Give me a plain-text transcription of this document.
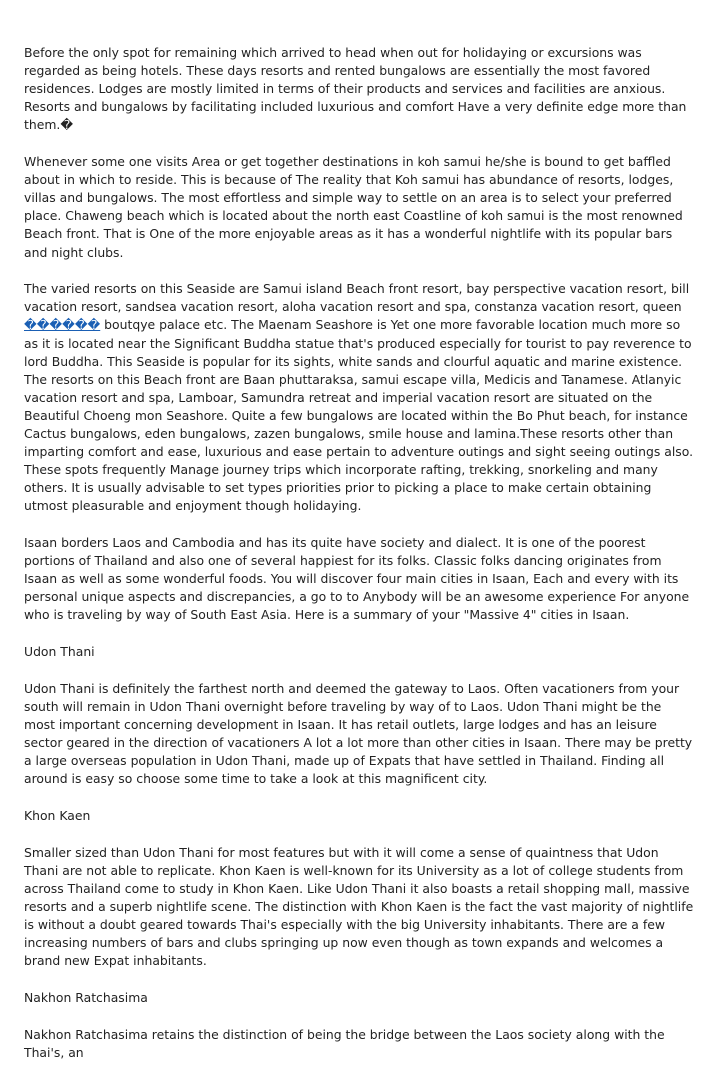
Before the only spot for remaining which arrived to head when out for holidaying or excursions was regarded as being hotels. These days resorts and rented bungalows are essentially the most favored residences. Lodges are mostly limited in terms of their products and services and facilities are anxious. Resorts and bungalows by facilitating included luxurious and comfort Have a very definite edge more than them.�

Whenever some one visits Area or get together destinations in koh samui he/she is bound to get baffled about in which to reside. This is because of The reality that Koh samui has abundance of resorts, lodges, villas and bungalows. The most effortless and simple way to settle on an area is to select your preferred place. Chaweng beach which is located about the north east Coastline of koh samui is the most renowned Beach front. That is One of the more enjoyable areas as it has a wonderful nightlife with its popular bars and night clubs.

The varied resorts on this Seaside are Samui island Beach front resort, bay perspective vacation resort, bill vacation resort, sandsea vacation resort, aloha vacation resort and spa, constanza vacation resort, queen ������ boutqye palace etc. The Maenam Seashore is Yet one more favorable location much more so as it is located near the Significant Buddha statue that's produced especially for tourist to pay reverence to lord Buddha. This Seaside is popular for its sights, white sands and clourful aquatic and marine existence. The resorts on this Beach front are Baan phuttaraksa, samui escape villa, Medicis and Tanamese. Atlanyic vacation resort and spa, Lamboar, Samundra retreat and imperial vacation resort are situated on the Beautiful Choeng mon Seashore. Quite a few bungalows are located within the Bo Phut beach, for instance Cactus bungalows, eden bungalows, zazen bungalows, smile house and lamina.These resorts other than imparting comfort and ease, luxurious and ease pertain to adventure outings and sight seeing outings also. These spots frequently Manage journey trips which incorporate rafting, trekking, snorkeling and many others. It is usually advisable to set types priorities prior to picking a place to make certain obtaining utmost pleasurable and enjoyment though holidaying.

Isaan borders Laos and Cambodia and has its quite have society and dialect. It is one of the poorest portions of Thailand and also one of several happiest for its folks. Classic folks dancing originates from Isaan as well as some wonderful foods. You will discover four main cities in Isaan, Each and every with its personal unique aspects and discrepancies, a go to to Anybody will be an awesome experience For anyone who is traveling by way of South East Asia. Here is a summary of your "Massive 4" cities in Isaan.

Udon Thani

Udon Thani is definitely the farthest north and deemed the gateway to Laos. Often vacationers from your south will remain in Udon Thani overnight before traveling by way of to Laos. Udon Thani might be the most important concerning development in Isaan. It has retail outlets, large lodges and has an leisure sector geared in the direction of vacationers A lot a lot more than other cities in Isaan. There may be pretty a large overseas population in Udon Thani, made up of Expats that have settled in Thailand. Finding all around is easy so choose some time to take a look at this magnificent city.

Khon Kaen

Smaller sized than Udon Thani for most features but with it will come a sense of quaintness that Udon Thani are not able to replicate. Khon Kaen is well-known for its University as a lot of college students from across Thailand come to study in Khon Kaen. Like Udon Thani it also boasts a retail shopping mall, massive resorts and a superb nightlife scene. The distinction with Khon Kaen is the fact the vast majority of nightlife is without a doubt geared towards Thai's especially with the big University inhabitants. There are a few increasing numbers of bars and clubs springing up now even though as town expands and welcomes a brand new Expat inhabitants.

Nakhon Ratchasima

Nakhon Ratchasima retains the distinction of being the bridge between the Laos society along with the Thai's, an
